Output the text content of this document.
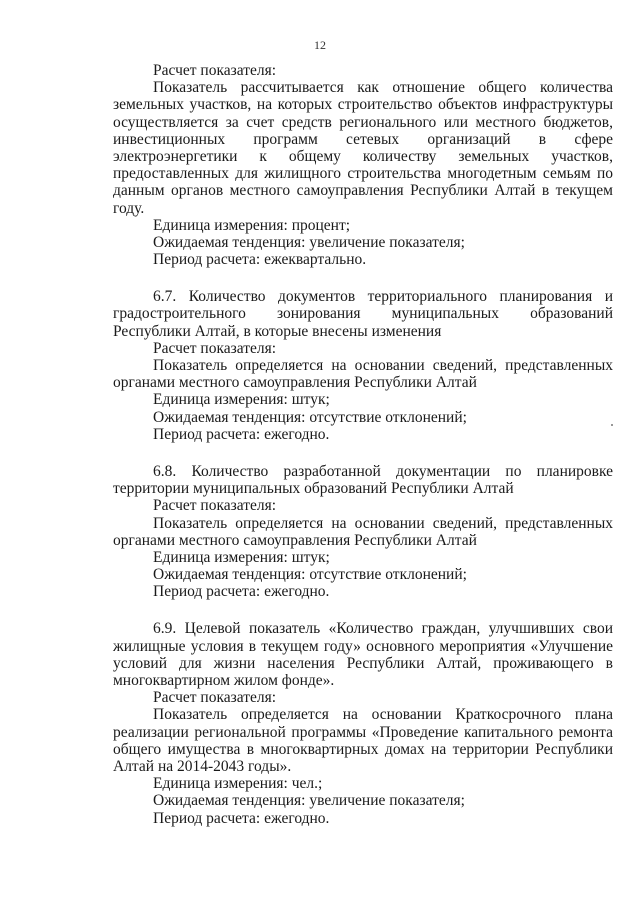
12
Расчет показателя:
Показатель рассчитывается как отношение общего количества
земельных участков, на которых строительство объектов инфраструктуры
осуществляется за счет средств регионального или местного бюджетов,
инвестиционных программ сетевых организаций в сфере
электроэнергетики к общему количеству земельных участков,
предоставленных для жилищного строительства многодетным семьям по
данным органов местного самоуправления Республики Алтай в текущем
году.
Единица измерения: процент;
Ожидаемая тенденция: увеличение показателя;
Период расчета: ежеквартально.
6.7. Количество документов территориального планирования и
градостроительного зонирования муниципальных образований
Республики Алтай, в которые внесены изменения
Расчет показателя:
Показатель определяется на основании сведений, представленных
органами местного самоуправления Республики Алтай
Единица измерения: штук;
Ожидаемая тенденция: отсутствие отклонений;
Период расчета: ежегодно.
6.8. Количество разработанной документации по планировке
территории муниципальных образований Республики Алтай
Расчет показателя:
Показатель определяется на основании сведений, представленных
органами местного самоуправления Республики Алтай
Единица измерения: штук;
Ожидаемая тенденция: отсутствие отклонений;
Период расчета: ежегодно.
6.9. Целевой показатель «Количество граждан, улучшивших свои
жилищные условия в текущем году» основного мероприятия «Улучшение
условий для жизни населения Республики Алтай, проживающего в
многоквартирном жилом фонде».
Расчет показателя:
Показатель определяется на основании Краткосрочного плана
реализации региональной программы «Проведение капитального ремонта
общего имущества в многоквартирных домах на территории Республики
Алтай на 2014-2043 годы».
Единица измерения: чел.;
Ожидаемая тенденция: увеличение показателя;
Период расчета: ежегодно.
